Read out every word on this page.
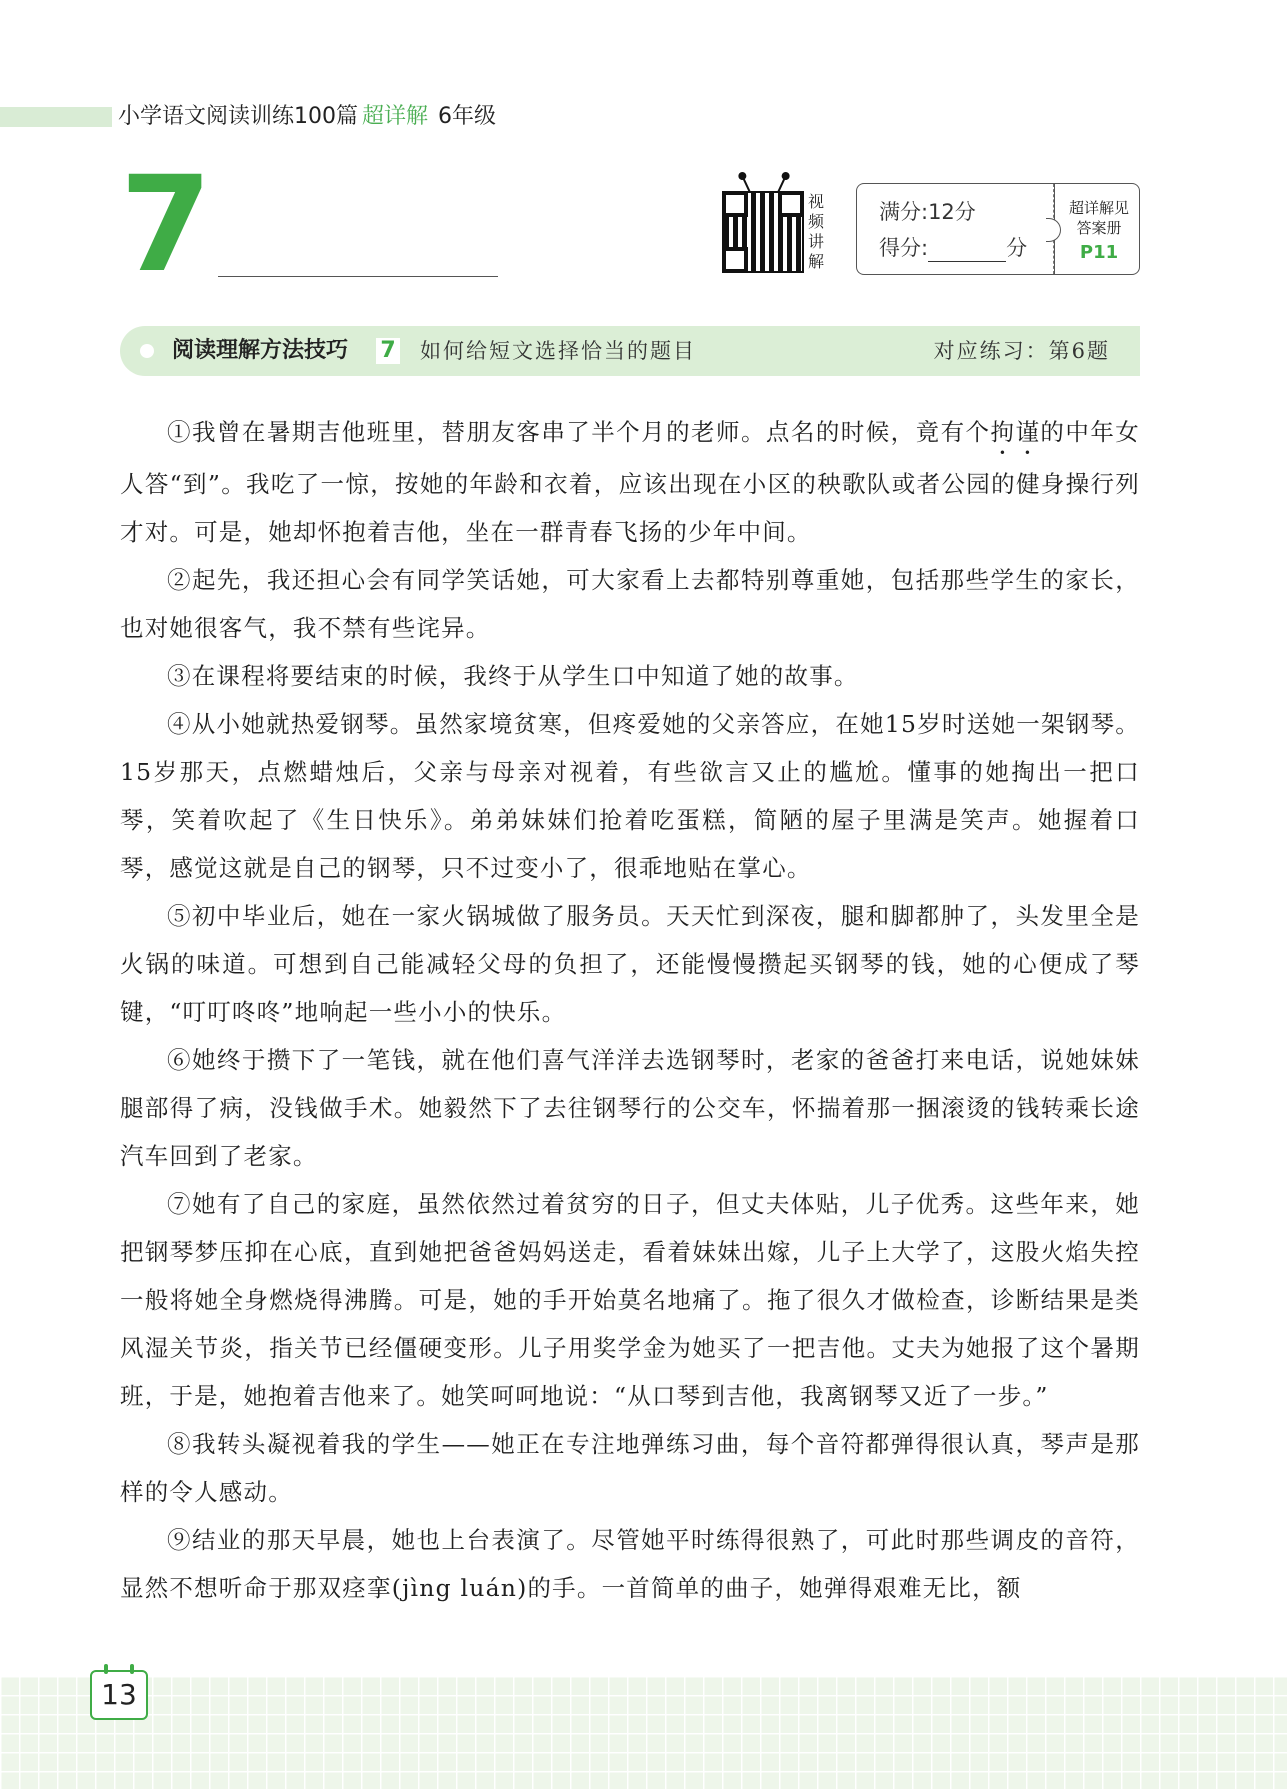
小学语文阅读训练100篇 超详解 6年级
7	视
频
讲
解
满分:12分
得分:	分
超详解见
答案册
P11
阅读理解方法技巧 7 如何给短文选择恰当的题目	对应练习：第6题

①我曾在暑期吉他班里，替朋友客串了半个月的老师。点名的时候，竟有个拘谨的中年女人答“到”。我吃了一惊，按她的年龄和衣着，应该出现在小区的秧歌队或者公园的健身操行列才对。可是，她却怀抱着吉他，坐在一群青春飞扬的少年中间。

②起先，我还担心会有同学笑话她，可大家看上去都特别尊重她，包括那些学生的家长，也对她很客气，我不禁有些诧异。

③在课程将要结束的时候，我终于从学生口中知道了她的故事。

④从小她就热爱钢琴。虽然家境贫寒，但疼爱她的父亲答应，在她15岁时送她一架钢琴。15岁那天，点燃蜡烛后，父亲与母亲对视着，有些欲言又止的尴尬。懂事的她掏出一把口琴，笑着吹起了《生日快乐》。弟弟妹妹们抢着吃蛋糕，简陋的屋子里满是笑声。她握着口琴，感觉这就是自己的钢琴，只不过变小了，很乖地贴在掌心。

⑤初中毕业后，她在一家火锅城做了服务员。天天忙到深夜，腿和脚都肿了，头发里全是火锅的味道。可想到自己能减轻父母的负担了，还能慢慢攒起买钢琴的钱，她的心便成了琴键，“叮叮咚咚”地响起一些小小的快乐。

⑥她终于攒下了一笔钱，就在他们喜气洋洋去选钢琴时，老家的爸爸打来电话，说她妹妹腿部得了病，没钱做手术。她毅然下了去往钢琴行的公交车，怀揣着那一捆滚烫的钱转乘长途汽车回到了老家。

⑦她有了自己的家庭，虽然依然过着贫穷的日子，但丈夫体贴，儿子优秀。这些年来，她把钢琴梦压抑在心底，直到她把爸爸妈妈送走，看着妹妹出嫁，儿子上大学了，这股火焰失控一般将她全身燃烧得沸腾。可是，她的手开始莫名地痛了。拖了很久才做检查，诊断结果是类风湿关节炎，指关节已经僵硬变形。儿子用奖学金为她买了一把吉他。丈夫为她报了这个暑期班，于是，她抱着吉他来了。她笑呵呵地说：“从口琴到吉他，我离钢琴又近了一步。”

⑧我转头凝视着我的学生——她正在专注地弹练习曲，每个音符都弹得很认真，琴声是那样的令人感动。

⑨结业的那天早晨，她也上台表演了。尽管她平时练得很熟了，可此时那些调皮的音符，显然不想听命于那双痉挛(jìng luán)的手。一首简单的曲子，她弹得艰难无比，额

13
